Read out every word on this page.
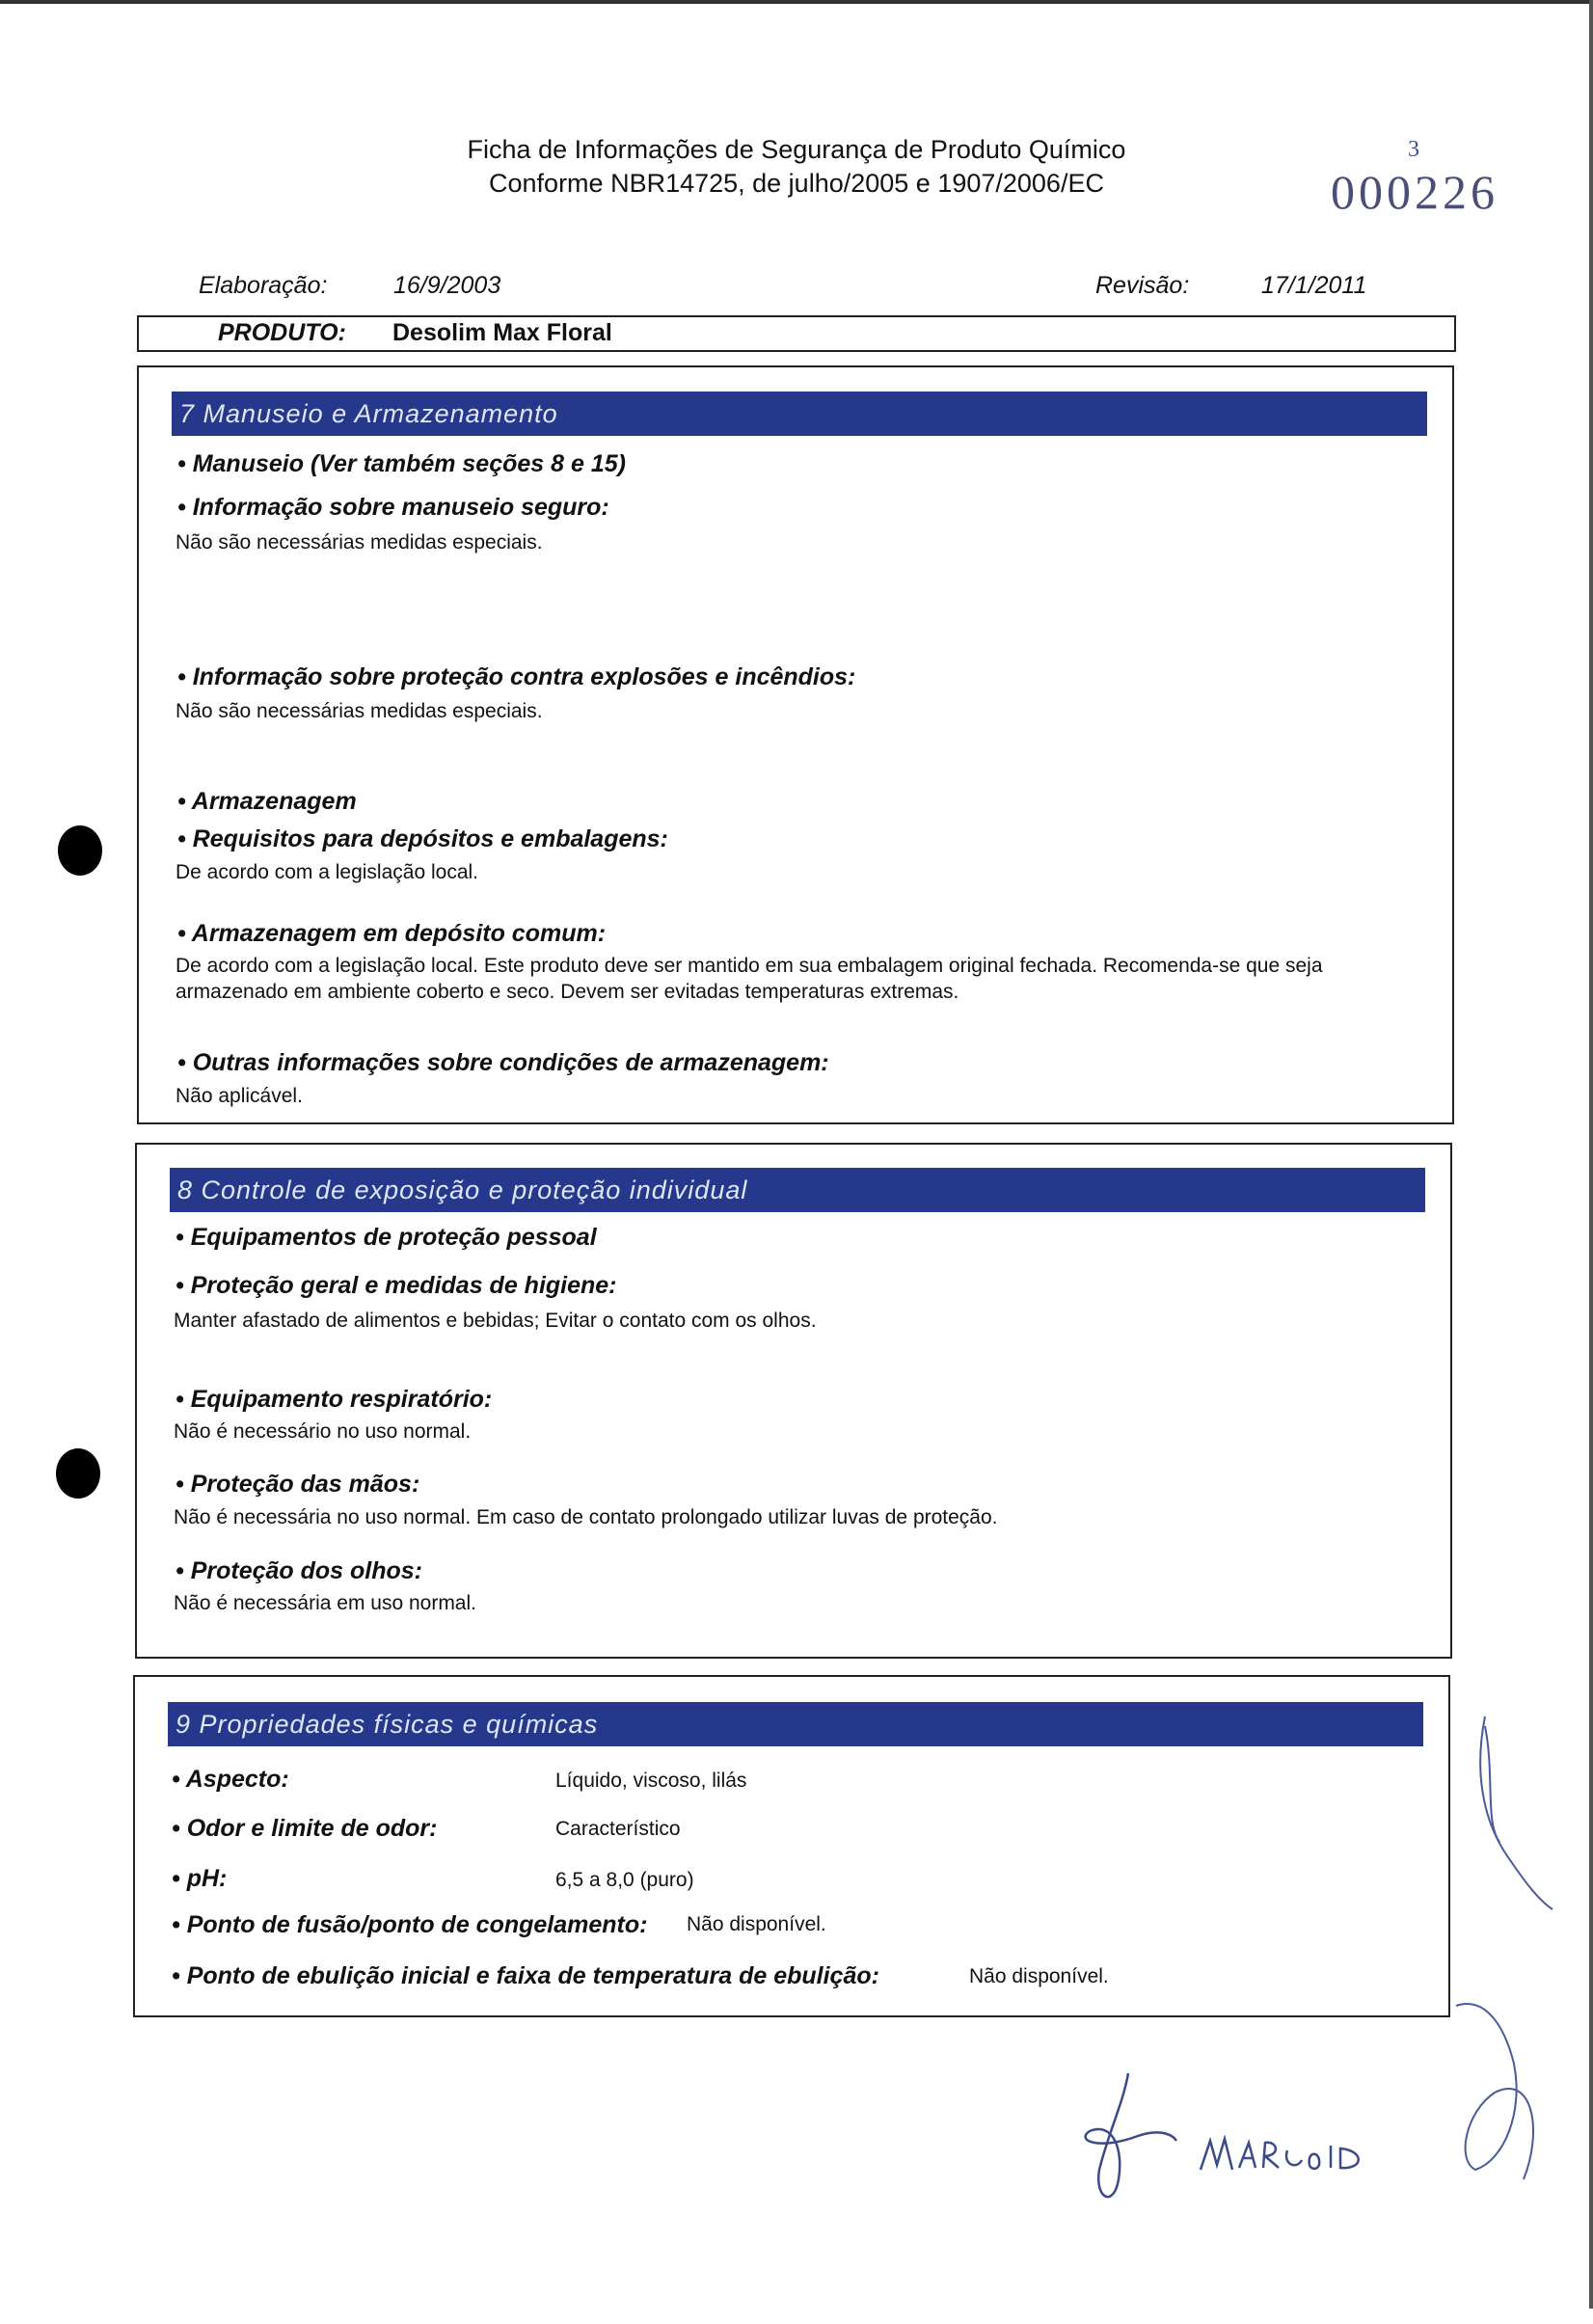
Ficha de Informações de Segurança de Produto Químico
Conforme NBR14725, de julho/2005 e 1907/2006/EC
3
000226
Elaboração:	16/9/2003	Revisão:	17/1/2011
PRODUTO: Desolim Max Floral
7 Manuseio e Armazenamento
• Manuseio (Ver também seções 8 e 15)
• Informação sobre manuseio seguro:
Não são necessárias medidas especiais.
• Informação sobre proteção contra explosões e incêndios:
Não são necessárias medidas especiais.
• Armazenagem
• Requisitos para depósitos e embalagens:
De acordo com a legislação local.
• Armazenagem em depósito comum:
De acordo com a legislação local. Este produto deve ser mantido em sua embalagem original fechada. Recomenda-se que seja
armazenado em ambiente coberto e seco. Devem ser evitadas temperaturas extremas.
• Outras informações sobre condições de armazenagem:
Não aplicável.
8 Controle de exposição e proteção individual
• Equipamentos de proteção pessoal
• Proteção geral e medidas de higiene:
Manter afastado de alimentos e bebidas; Evitar o contato com os olhos.
• Equipamento respiratório:
Não é necessário no uso normal.
• Proteção das mãos:
Não é necessária no uso normal. Em caso de contato prolongado utilizar luvas de proteção.
• Proteção dos olhos:
Não é necessária em uso normal.
9 Propriedades físicas e químicas
• Aspecto:	Líquido, viscoso, lilás
• Odor e limite de odor:	Característico
• pH:	6,5 a 8,0 (puro)
• Ponto de fusão/ponto de congelamento: Não disponível.
• Ponto de ebulição inicial e faixa de temperatura de ebulição:	Não disponível.
